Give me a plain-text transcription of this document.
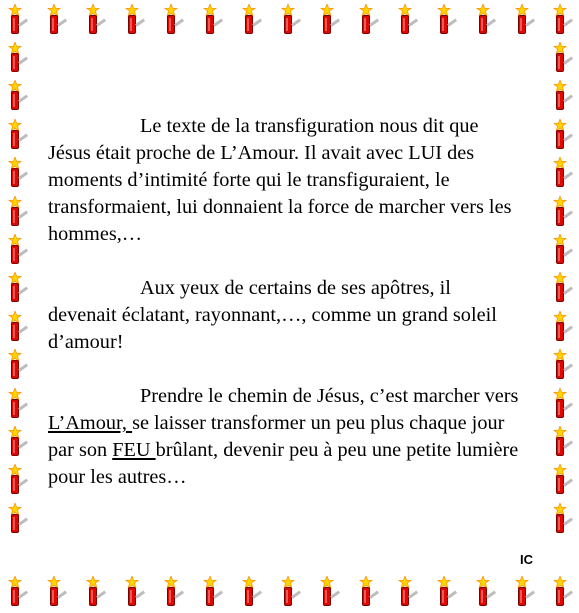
Le texte de la transfiguration nous dit que Jésus était proche de L’Amour. Il avait avec LUI des moments d’intimité forte qui le transfiguraient, le transformaient, lui donnaient la force de marcher vers les hommes,…

Aux yeux de certains de ses apôtres, il devenait éclatant, rayonnant,…, comme un grand soleil d’amour!

Prendre le chemin de Jésus, c’est marcher vers L’Amour, se laisser transformer un peu plus chaque jour par son FEU brûlant, devenir peu à peu une petite lumière pour les autres…

IC
